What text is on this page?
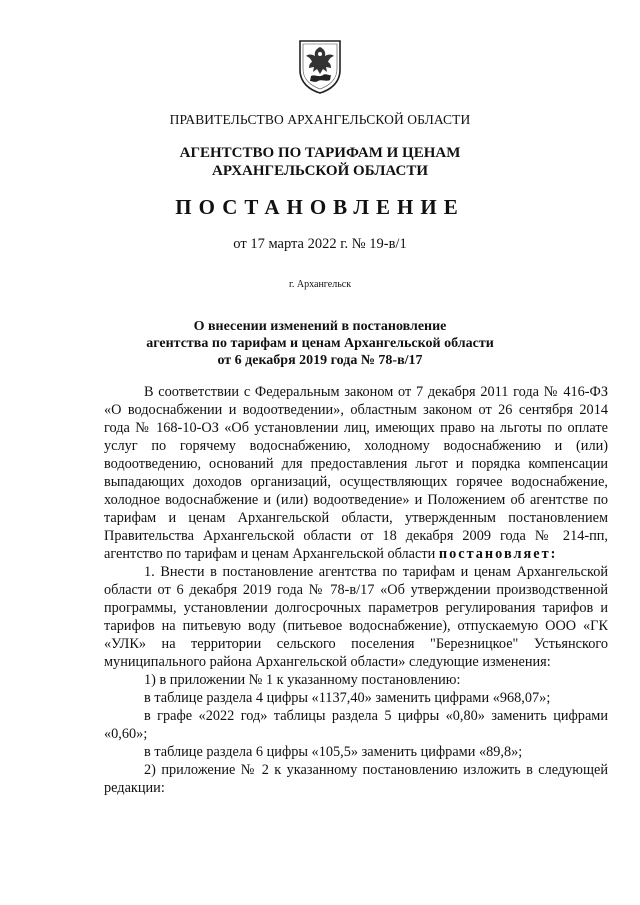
ПРАВИТЕЛЬСТВО АРХАНГЕЛЬСКОЙ ОБЛАСТИ
АГЕНТСТВО ПО ТАРИФАМ И ЦЕНАМ
АРХАНГЕЛЬСКОЙ ОБЛАСТИ
ПОСТАНОВЛЕНИЕ
от 17 марта 2022 г. № 19-в/1
г. Архангельск
О внесении изменений в постановление
агентства по тарифам и ценам Архангельской области
от 6 декабря 2019 года № 78-в/17

В соответствии с Федеральным законом от 7 декабря 2011 года № 416-ФЗ «О водоснабжении и водоотведении», областным законом от 26 сентября 2014 года № 168-10-ОЗ «Об установлении лиц, имеющих право на льготы по оплате услуг по горячему водоснабжению, холодному водоснабжению и (или) водоотведению, оснований для предоставления льгот и порядка компенсации выпадающих доходов организаций, осуществляющих горячее водоснабжение, холодное водоснабжение и (или) водоотведение» и Положением об агентстве по тарифам и ценам Архангельской области, утвержденным постановлением Правительства Архангельской области от 18 декабря 2009 года № 214-пп, агентство по тарифам и ценам Архангельской области постановляет:

1. Внести в постановление агентства по тарифам и ценам Архангельской области от 6 декабря 2019 года № 78-в/17 «Об утверждении производственной программы, установлении долгосрочных параметров регулирования тарифов и тарифов на питьевую воду (питьевое водоснабжение), отпускаемую ООО «ГК «УЛК» на территории сельского поселения "Березницкое" Устьянского муниципального района Архангельской области» следующие изменения:

1) в приложении № 1 к указанному постановлению:

в таблице раздела 4 цифры «1137,40» заменить цифрами «968,07»;

в графе «2022 год» таблицы раздела 5 цифры «0,80» заменить цифрами «0,60»;

в таблице раздела 6 цифры «105,5» заменить цифрами «89,8»;

2) приложение № 2 к указанному постановлению изложить в следующей редакции:
